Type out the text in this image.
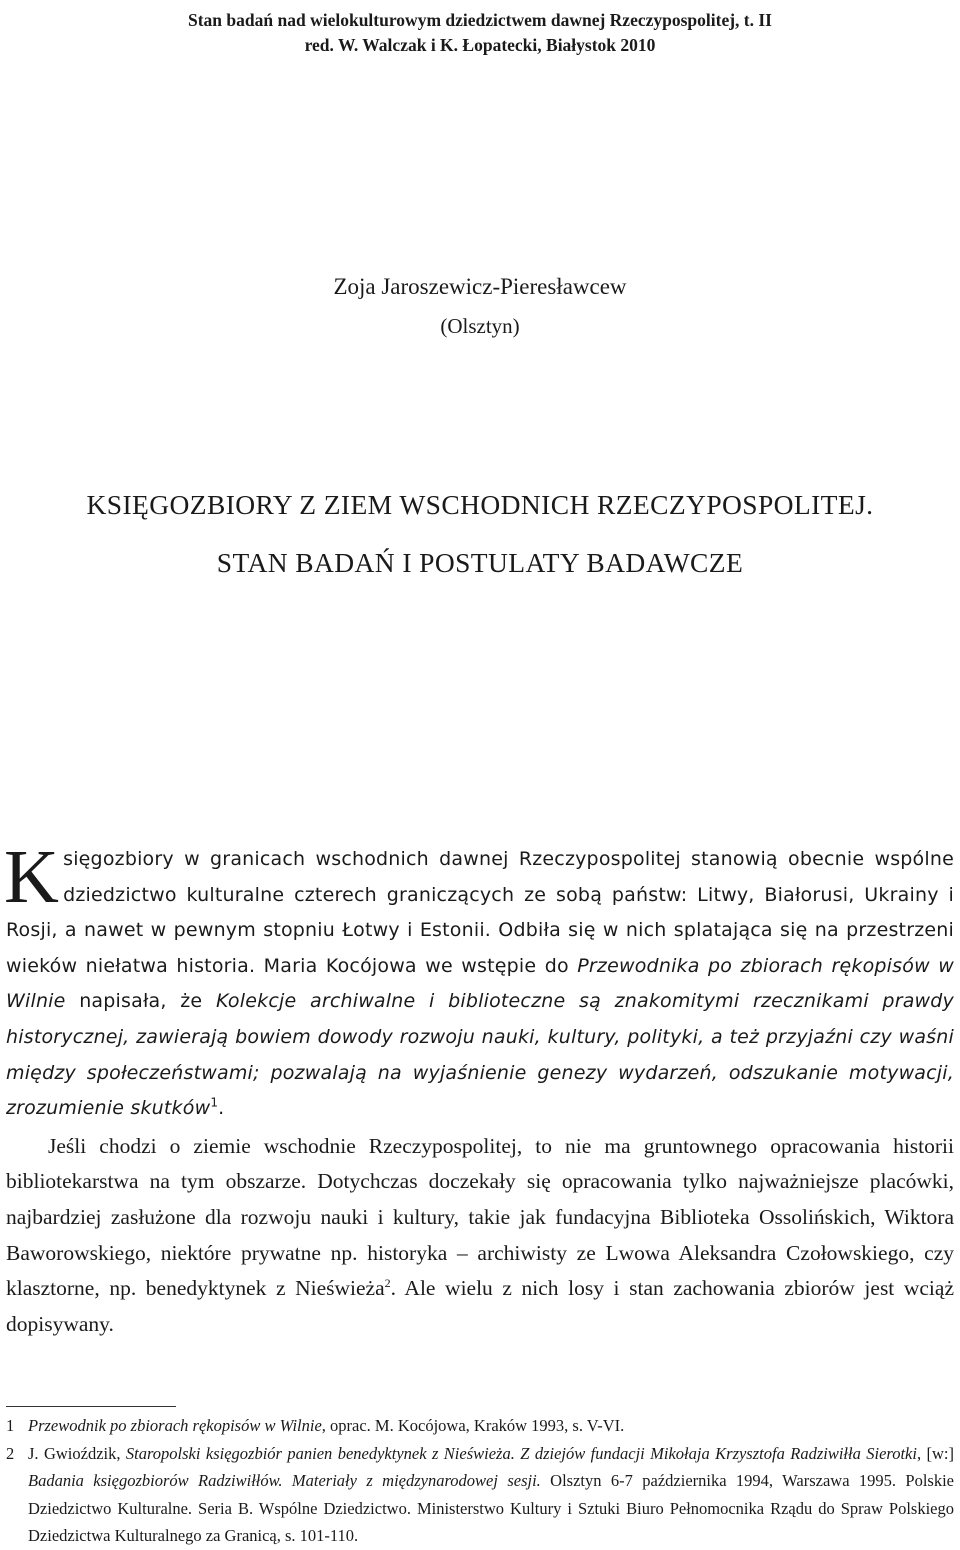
Stan badań nad wielokulturowym dziedzictwem dawnej Rzeczypospolitej, t. II
red. W. Walczak i K. Łopatecki, Białystok 2010
Zoja Jaroszewicz-Pieresławcew
(Olsztyn)
KSIĘGOZBIORY Z ZIEM WSCHODNICH RZECZYPOSPOLITEJ.
STAN BADAŃ I POSTULATY BADAWCZE

Księgozbiory w granicach wschodnich dawnej Rzeczypospolitej stanowią obecnie wspólne dziedzictwo kulturalne czterech graniczących ze sobą państw: Litwy, Białorusi, Ukrainy i Rosji, a nawet w pewnym stopniu Łotwy i Estonii. Odbiła się w nich splatająca się na przestrzeni wieków niełatwa historia. Maria Kocójowa we wstępie do Przewodnika po zbiorach rękopisów w Wilnie napisała, że Kolekcje archiwalne i biblioteczne są znakomitymi rzecznikami prawdy historycznej, zawierają bowiem dowody rozwoju nauki, kultury, polityki, a też przyjaźni czy waśni między społeczeństwami; pozwalają na wyjaśnienie genezy wydarzeń, odszukanie motywacji, zrozumienie skutków$^1$.

Jeśli chodzi o ziemie wschodnie Rzeczypospolitej, to nie ma gruntownego opracowania historii bibliotekarstwa na tym obszarze. Dotychczas doczekały się opracowania tylko najważniejsze placówki, najbardziej zasłużone dla rozwoju nauki i kultury, takie jak fundacyjna Biblioteka Ossolińskich, Wiktora Baworowskiego, niektóre prywatne np. historyka – archiwisty ze Lwowa Aleksandra Czołowskiego, czy klasztorne, np. benedyktynek z Nieświeża$^2$. Ale wielu z nich losy i stan zachowania zbiorów jest wciąż dopisywany.

1 Przewodnik po zbiorach rękopisów w Wilnie, oprac. M. Kocójowa, Kraków 1993, s. V-VI.
2 J. Gwioździk, Staropolski księgozbiór panien benedyktynek z Nieświeża. Z dziejów fundacji Mikołaja Krzysztofa Radziwiłła Sierotki, [w:] Badania księgozbiorów Radziwiłłów. Materiały z międzynarodowej sesji. Olsztyn 6-7 października 1994, Warszawa 1995. Polskie Dziedzictwo Kulturalne. Seria B. Wspólne Dziedzictwo. Ministerstwo Kultury i Sztuki Biuro Pełnomocnika Rządu do Spraw Polskiego Dziedzictwa Kulturalnego za Granicą, s. 101-110.
